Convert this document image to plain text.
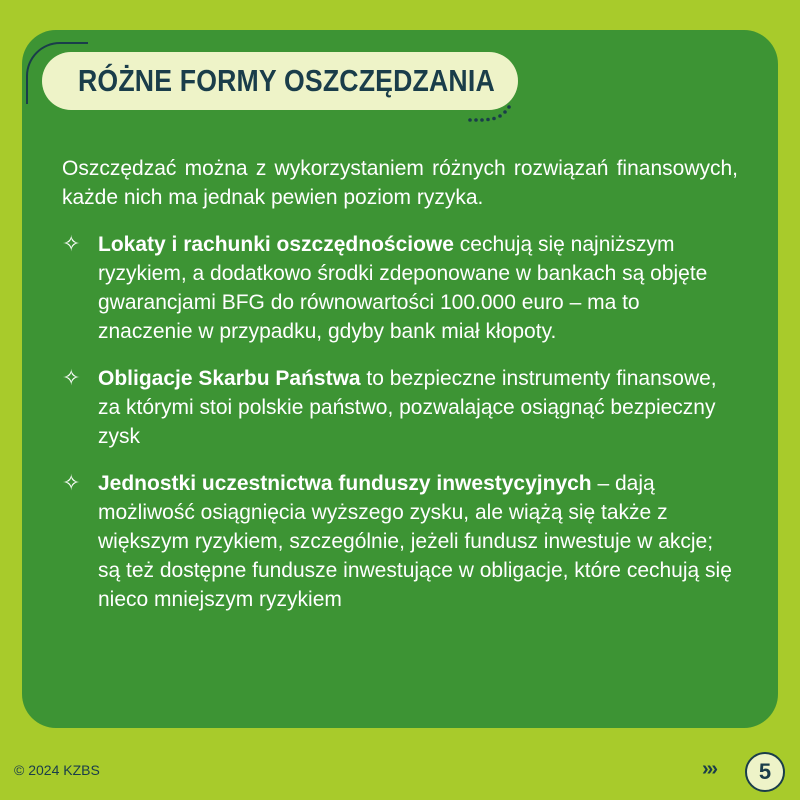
RÓŻNE FORMY OSZCZĘDZANIA

Oszczędzać można z wykorzystaniem różnych rozwiązań finansowych, każde nich ma jednak pewien poziom ryzyka.

✧ Lokaty i rachunki oszczędnościowe cechują się najniższym ryzykiem, a dodatkowo środki zdeponowane w bankach są objęte gwarancjami BFG do równowartości 100.000 euro – ma to znaczenie w przypadku, gdyby bank miał kłopoty.
✧ Obligacje Skarbu Państwa to bezpieczne instrumenty finansowe, za którymi stoi polskie państwo, pozwalające osiągnąć bezpieczny zysk
✧ Jednostki uczestnictwa funduszy inwestycyjnych – dają możliwość osiągnięcia wyższego zysku, ale wiążą się także z większym ryzykiem, szczególnie, jeżeli fundusz inwestuje w akcje; są też dostępne fundusze inwestujące w obligacje, które cechują się nieco mniejszym ryzykiem
© 2024 KZBS	›››	5
